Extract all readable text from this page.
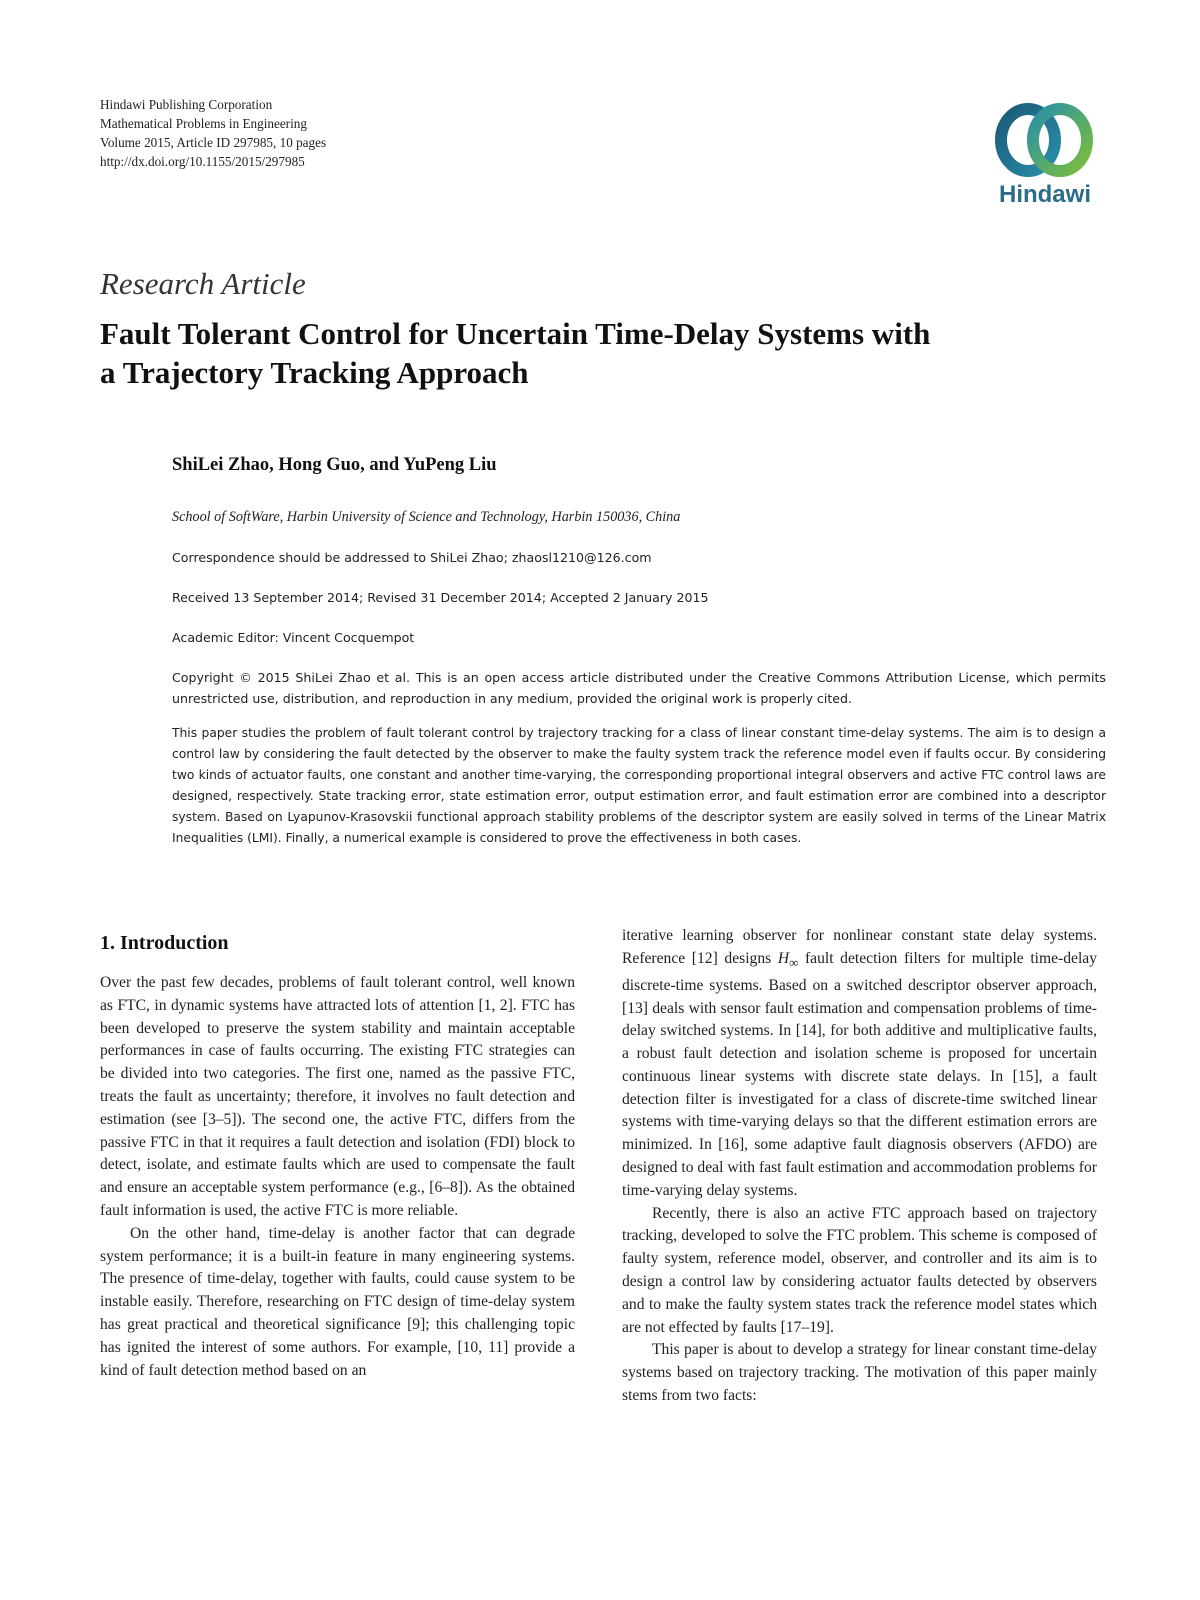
Hindawi Publishing Corporation
Mathematical Problems in Engineering
Volume 2015, Article ID 297985, 10 pages
http://dx.doi.org/10.1155/2015/297985
Hindawi
Research Article
Fault Tolerant Control for Uncertain Time-Delay Systems with
a Trajectory Tracking Approach
ShiLei Zhao, Hong Guo, and YuPeng Liu
School of SoftWare, Harbin University of Science and Technology, Harbin 150036, China
Correspondence should be addressed to ShiLei Zhao; zhaosl1210@126.com
Received 13 September 2014; Revised 31 December 2014; Accepted 2 January 2015
Academic Editor: Vincent Cocquempot
Copyright © 2015 ShiLei Zhao et al. This is an open access article distributed under the Creative Commons Attribution License, which permits unrestricted use, distribution, and reproduction in any medium, provided the original work is properly cited.
This paper studies the problem of fault tolerant control by trajectory tracking for a class of linear constant time-delay systems. The aim is to design a control law by considering the fault detected by the observer to make the faulty system track the reference model even if faults occur. By considering two kinds of actuator faults, one constant and another time-varying, the corresponding proportional integral observers and active FTC control laws are designed, respectively. State tracking error, state estimation error, output estimation error, and fault estimation error are combined into a descriptor system. Based on Lyapunov-Krasovskii functional approach stability problems of the descriptor system are easily solved in terms of the Linear Matrix Inequalities (LMI). Finally, a numerical example is considered to prove the effectiveness in both cases.
1. Introduction

Over the past few decades, problems of fault tolerant control, well known as FTC, in dynamic systems have attracted lots of attention [1, 2]. FTC has been developed to preserve the system stability and maintain acceptable performances in case of faults occurring. The existing FTC strategies can be divided into two categories. The first one, named as the passive FTC, treats the fault as uncertainty; therefore, it involves no fault detection and estimation (see [3–5]). The second one, the active FTC, differs from the passive FTC in that it requires a fault detection and isolation (FDI) block to detect, isolate, and estimate faults which are used to compensate the fault and ensure an acceptable system performance (e.g., [6–8]). As the obtained fault information is used, the active FTC is more reliable.

On the other hand, time-delay is another factor that can degrade system performance; it is a built-in feature in many engineering systems. The presence of time-delay, together with faults, could cause system to be instable easily. Therefore, researching on FTC design of time-delay system has great practical and theoretical significance [9]; this challenging topic has ignited the interest of some authors. For example, [10, 11] provide a kind of fault detection method based on an

iterative learning observer for nonlinear constant state delay systems. Reference [12] designs $H_\infty$ fault detection filters for multiple time-delay discrete-time systems. Based on a switched descriptor observer approach, [13] deals with sensor fault estimation and compensation problems of time-delay switched systems. In [14], for both additive and multiplicative faults, a robust fault detection and isolation scheme is proposed for uncertain continuous linear systems with discrete state delays. In [15], a fault detection filter is investigated for a class of discrete-time switched linear systems with time-varying delays so that the different estimation errors are minimized. In [16], some adaptive fault diagnosis observers (AFDO) are designed to deal with fast fault estimation and accommodation problems for time-varying delay systems.

Recently, there is also an active FTC approach based on trajectory tracking, developed to solve the FTC problem. This scheme is composed of faulty system, reference model, observer, and controller and its aim is to design a control law by considering actuator faults detected by observers and to make the faulty system states track the reference model states which are not effected by faults [17–19].

This paper is about to develop a strategy for linear constant time-delay systems based on trajectory tracking. The motivation of this paper mainly stems from two facts:
